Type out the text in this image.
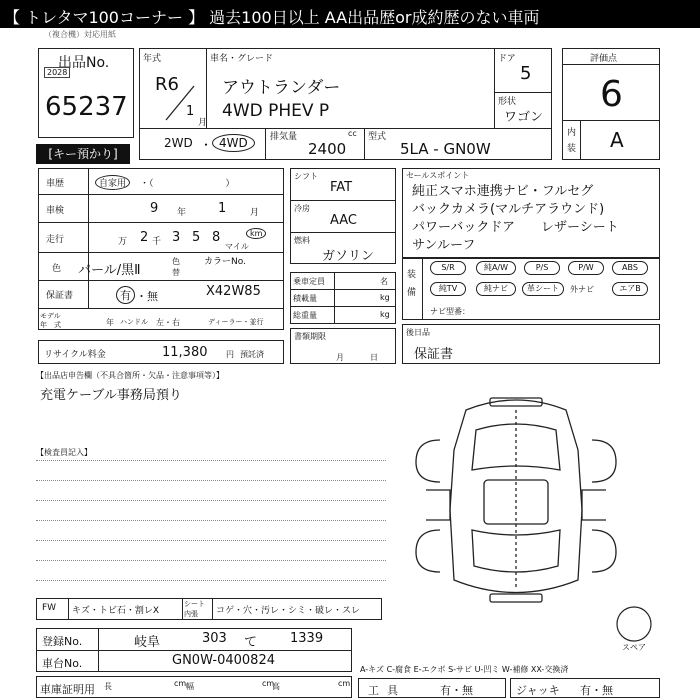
【 トレタマ100コーナー 】 過去100日以上 AA出品歴or成約歴のない車両
（複合機）対応用紙
出品No.
2028
65237
[キー預かり]
年式
R6
1
月
車名・グレード
アウトランダー
4WD PHEV P
ドア
5
形状
ワゴン
2WD ・ 4WD	排気量	cc
2400
型式
5LA - GN0W
評価点
6
内
装 A
車歴	自家用	・（　　　　　　　　）
車検	9 年 1	月
走行	万 2 千 3 5 8	km
マイル
色 パール/黒Ⅱ
色
替
カラーNo.
X42W85
保証書	有 ・無
モデル
年　式	年 ハンドル 左・右	ディーラー・並行
リサイクル料金	11,380 円 預託済
シフト
FAT
冷房
AAC
燃料
ガソリン
乗車定員	名
積載量	kg
総重量	kg
書類期限
月日
セールスポイント
純正スマホ連携ナビ・フルセグ
バックカメラ(マルチアラウンド)
パワーバックドア　　レザーシート
サンルーフ
装
備
S/R	純A/W	P/S	P/W	ABS
純TV	純ナビ	革シート	外ナビ	エアB
ナビ型番：
後日品
保証書
【出品店申告欄（不具合箇所・欠品・注意事項等）】
充電ケーブル事務局預り
【検査員記入】
スペア
FW キズ・トビ石・割レX
シート
内張 コゲ・穴・汚レ・シミ・破レ・スレ
登録No.	岐阜	303 て	1339
車台No.	GN0W-0400824
車庫証明用 長	cm 幅	cm
高	cm
A-キズ C-腐食 E-エクボ S-サビ U-凹ミ W-補修 XX-交換済
工具	有・無	ジャッキ 有・無
